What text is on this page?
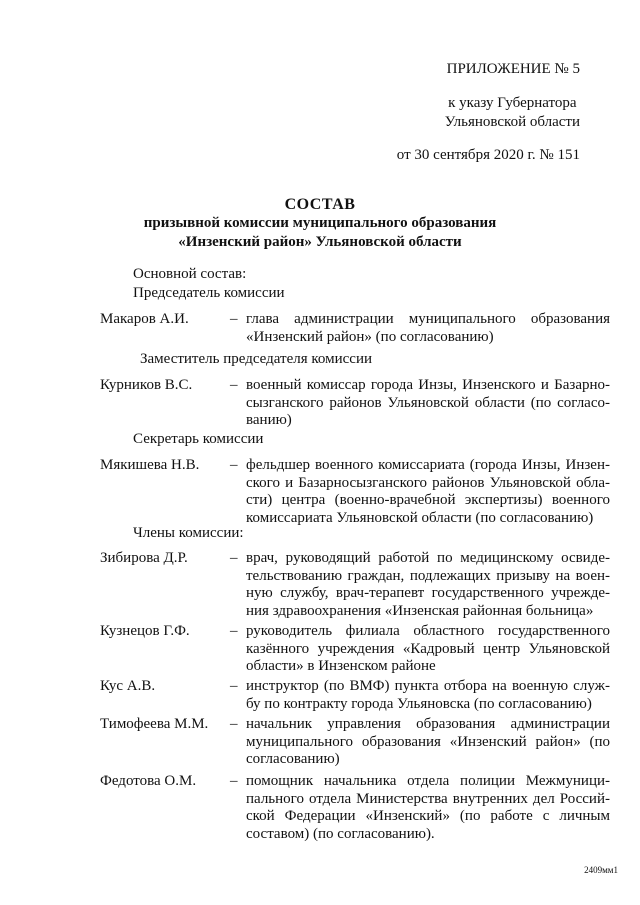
ПРИЛОЖЕНИЕ № 5
к указу Губернатора
Ульяновской области
от 30 сентября 2020 г. № 151
СОСТАВ
призывной комиссии муниципального образования
«Инзенский район» Ульяновской области
Основной состав:
Председатель комиссии
Макаров А.И.	– глава администрации муниципального образования «Инзенский район» (по согласованию)
Заместитель председателя комиссии
Курников В.С.	– военный комиссар города Инзы, Инзенского и Базарно-сызганского районов Ульяновской области (по согласо-ванию)
Секретарь комиссии
Мякишева Н.В.	– фельдшер военного комиссариата (города Инзы, Инзен-ского и Базарносызганского районов Ульяновской обла-сти) центра (военно-врачебной экспертизы) военного комиссариата Ульяновской области (по согласованию)
Члены комиссии:
Зибирова Д.Р.	– врач, руководящий работой по медицинскому освиде-тельствованию граждан, подлежащих призыву на воен-ную службу, врач-терапевт государственного учрежде-ния здравоохранения «Инзенская районная больница»
Кузнецов Г.Ф.	– руководитель филиала областного государственного казённого учреждения «Кадровый центр Ульяновской области» в Инзенском районе
Кус А.В.	– инструктор (по ВМФ) пункта отбора на военную служ-бу по контракту города Ульяновска (по согласованию)
Тимофеева М.М.	– начальник управления образования администрации муниципального образования «Инзенский район» (по согласованию)
Федотова О.М.	– помощник начальника отдела полиции Межмуници-пального отдела Министерства внутренних дел Россий-ской Федерации «Инзенский» (по работе с личным составом) (по согласованию).
2409мм1
